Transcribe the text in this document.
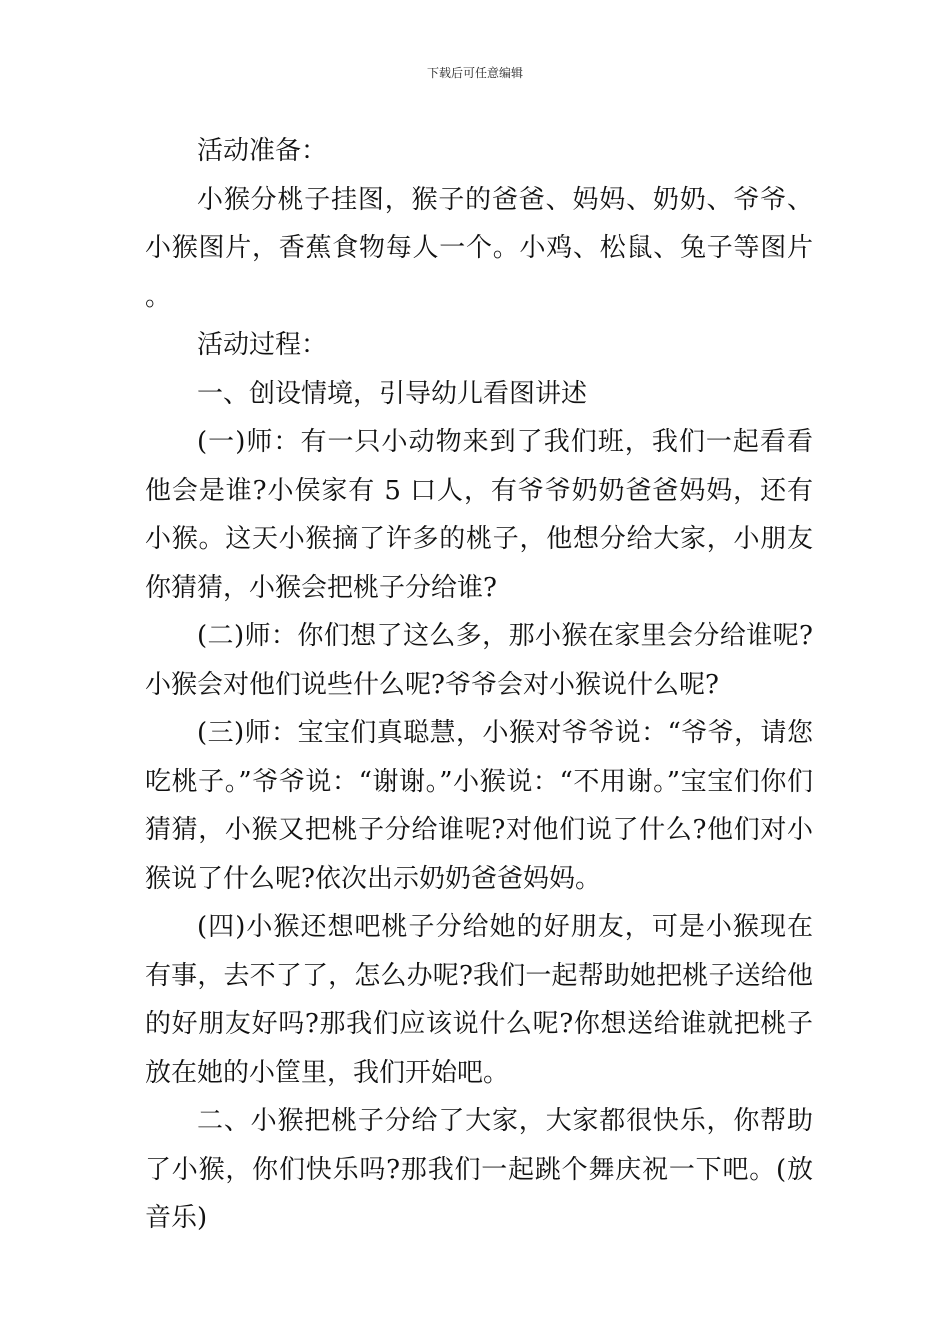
下载后可任意编辑

活动准备：

小猴分桃子挂图，猴子的爸爸、妈妈、奶奶、爷爷、小猴图片，香蕉食物每人一个。小鸡、松鼠、兔子等图片。

活动过程：

一、创设情境，引导幼儿看图讲述

(一)师：有一只小动物来到了我们班，我们一起看看他会是谁?小侯家有 5 口人，有爷爷奶奶爸爸妈妈，还有小猴。这天小猴摘了许多的桃子，他想分给大家，小朋友你猜猜，小猴会把桃子分给谁?

(二)师：你们想了这么多，那小猴在家里会分给谁呢?小猴会对他们说些什么呢?爷爷会对小猴说什么呢?

(三)师：宝宝们真聪慧，小猴对爷爷说：“爷爷，请您吃桃子。”爷爷说：“谢谢。”小猴说：“不用谢。”宝宝们你们猜猜，小猴又把桃子分给谁呢?对他们说了什么?他们对小猴说了什么呢?依次出示奶奶爸爸妈妈。

(四)小猴还想吧桃子分给她的好朋友，可是小猴现在有事，去不了了，怎么办呢?我们一起帮助她把桃子送给他的好朋友好吗?那我们应该说什么呢?你想送给谁就把桃子放在她的小筐里，我们开始吧。

二、小猴把桃子分给了大家，大家都很快乐，你帮助了小猴，你们快乐吗?那我们一起跳个舞庆祝一下吧。(放音乐)
